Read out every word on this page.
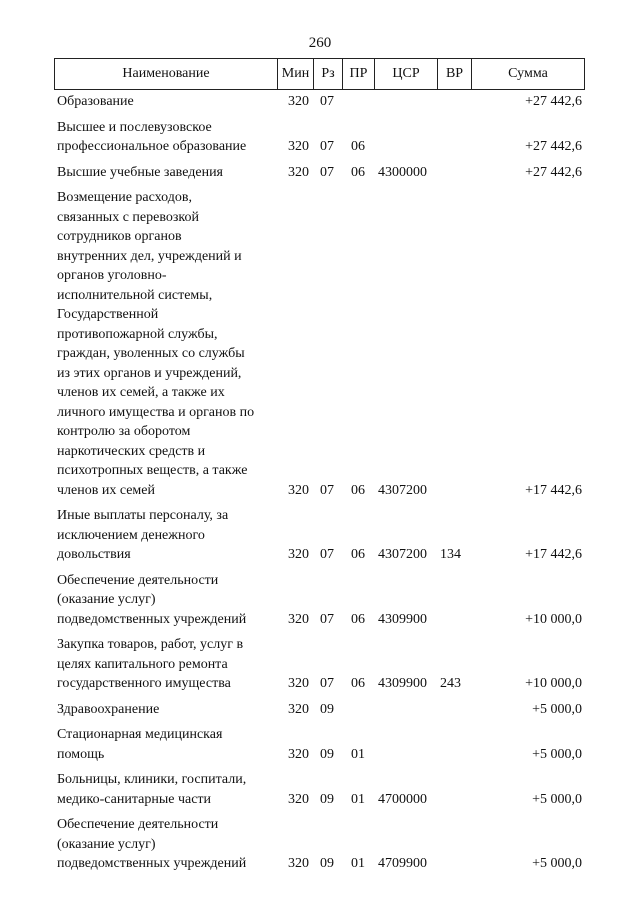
260
Наименование	Мин Рз	ПР	ЦСР	ВР	Сумма
Образование	320 07	+27 442,6
Высшее и послевузовское
профессиональное образование	320 07 06	+27 442,6
Высшие учебные заведения	320 07 06 4300000	+27 442,6
Возмещение расходов,
связанных с перевозкой
сотрудников органов
внутренних дел, учреждений и
органов уголовно-
исполнительной системы,
Государственной
противопожарной службы,
граждан, уволенных со службы
из этих органов и учреждений,
членов их семей, а также их
личного имущества и органов по
контролю за оборотом
наркотических средств и
психотропных веществ, а также
членов их семей	320 07 06 4307200	+17 442,6
Иные выплаты персоналу, за
исключением денежного
довольствия	320 07 06 4307200 134	+17 442,6
Обеспечение деятельности
(оказание услуг)
подведомственных учреждений	320 07 06 4309900	+10 000,0
Закупка товаров, работ, услуг в
целях капитального ремонта
государственного имущества	320 07 06 4309900 243	+10 000,0
Здравоохранение	320 09	+5 000,0
Стационарная медицинская
помощь	320 09 01	+5 000,0
Больницы, клиники, госпитали,
медико-санитарные части	320 09 01 4700000	+5 000,0
Обеспечение деятельности
(оказание услуг)
подведомственных учреждений	320 09 01 4709900	+5 000,0
